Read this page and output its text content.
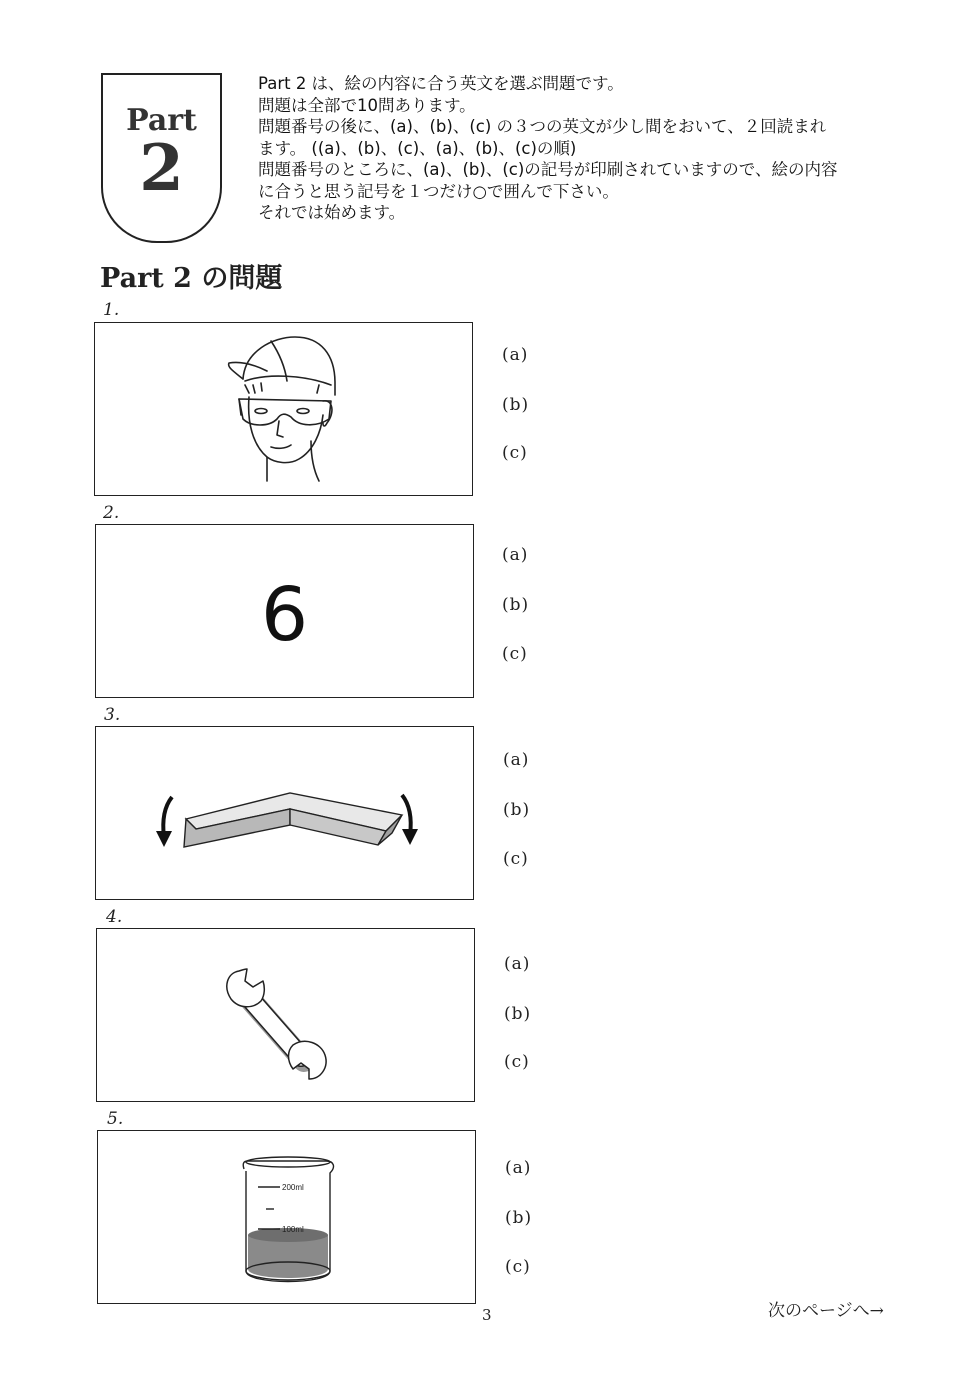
Part
2
Part 2 は、絵の内容に合う英文を選ぶ問題です。
問題は全部で10問あります。
問題番号の後に、(a)、(b)、(c) の３つの英文が少し間をおいて、２回読まれ
ます。 ((a)、(b)、(c)、(a)、(b)、(c)の順)
問題番号のところに、(a)、(b)、(c)の記号が印刷されていますので、絵の内容
に合うと思う記号を１つだけ○で囲んで下さい。
それでは始めます。
Part 2 の問題
1.
(a)
(b)
(c)
2.
6
(a)
(b)
(c)
3.
(a)
(b)
(c)
4.
(a)
(b)
(c)
5.
200ml
100ml
(a)
(b)
(c)
3	次のページへ→
